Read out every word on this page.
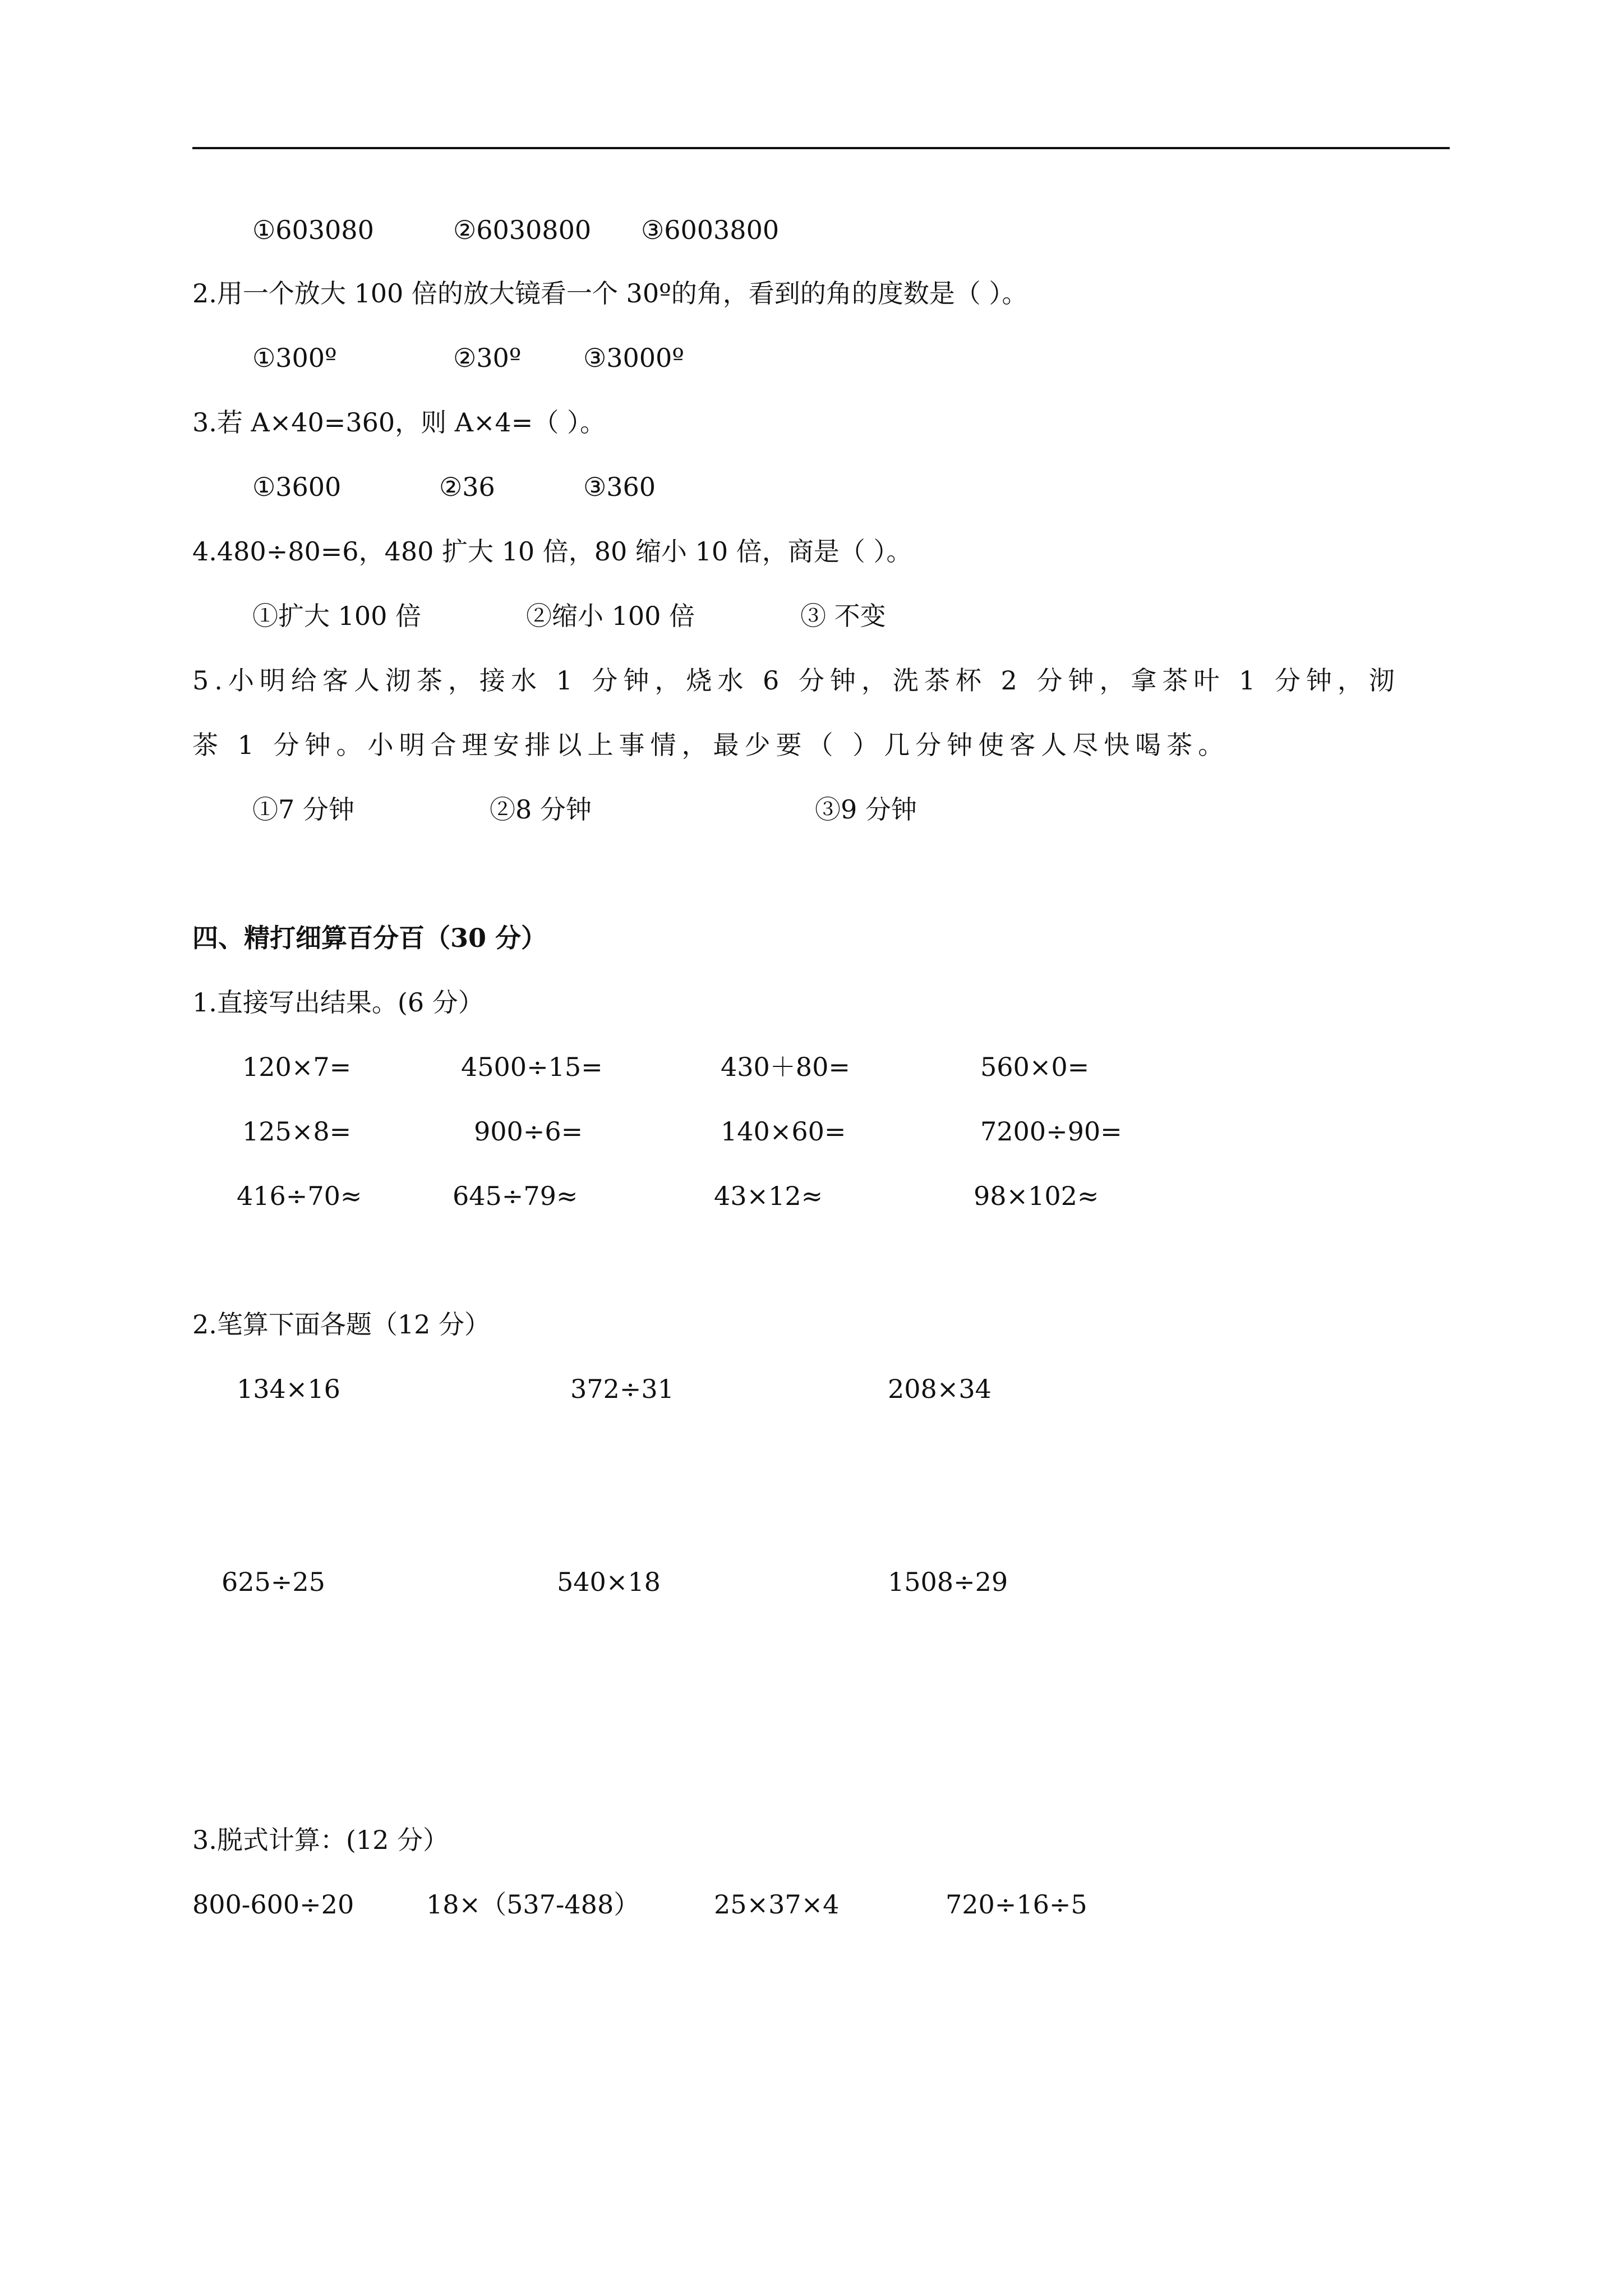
①603080	②6030800 ③6003800
2.用一个放大 100 倍的放大镜看一个 30º的角，看到的角的度数是（ ）。
①300º	②30º ③3000º
3.若 A×40=360，则 A×4=（ ）。
①3600	②36	③360
4.480÷80=6，480 扩大 10 倍，80 缩小 10 倍，商是（ ）。
①扩大 100 倍	②缩小 100 倍	③ 不变
5.小明给客人沏茶，接水 1 分钟，烧水 6 分钟，洗茶杯 2 分钟，拿茶叶 1 分钟，沏
茶 1 分钟。小明合理安排以上事情，最少要（ ）几分钟使客人尽快喝茶。
①7 分钟	②8 分钟	③9 分钟
四、精打细算百分百（30 分）
1.直接写出结果。(6 分）
120×7=	4500÷15=	430＋80=	560×0=
125×8=	900÷6=	140×60=	7200÷90=
416÷70≈	645÷79≈	43×12≈	98×102≈
2.笔算下面各题（12 分）
134×16	372÷31	208×34
625÷25	540×18	1508÷29
3.脱式计算：(12 分）
800-600÷20	18×（537-488）	25×37×4	720÷16÷5
